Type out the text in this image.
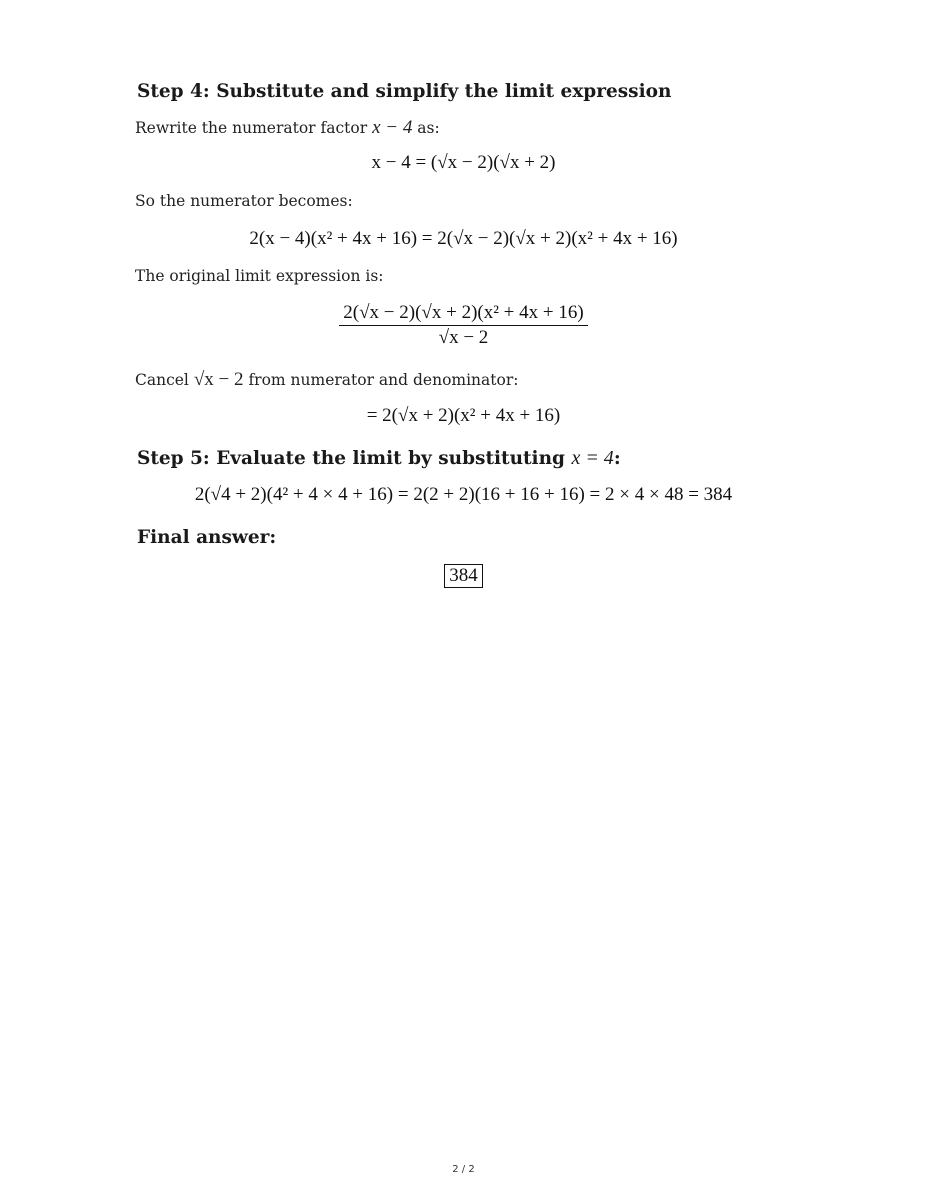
Step 4: Substitute and simplify the limit expression
Rewrite the numerator factor x − 4 as:
x − 4 = (√x − 2)(√x + 2)
So the numerator becomes:
2(x − 4)(x² + 4x + 16) = 2(√x − 2)(√x + 2)(x² + 4x + 16)
The original limit expression is:
$\frac{\text{2(√x − 2)(√x + 2)(x² + 4x + 16)}}{√x - 2}$
Cancel √x − 2 from numerator and denominator:
= 2(√x + 2)(x² + 4x + 16)
Step 5: Evaluate the limit by substituting x = 4:
2(√4 + 2)(4² + 4 × 4 + 16) = 2(2 + 2)(16 + 16 + 16) = 2 × 4 × 48 = 384
Final answer:
384
2 / 2
